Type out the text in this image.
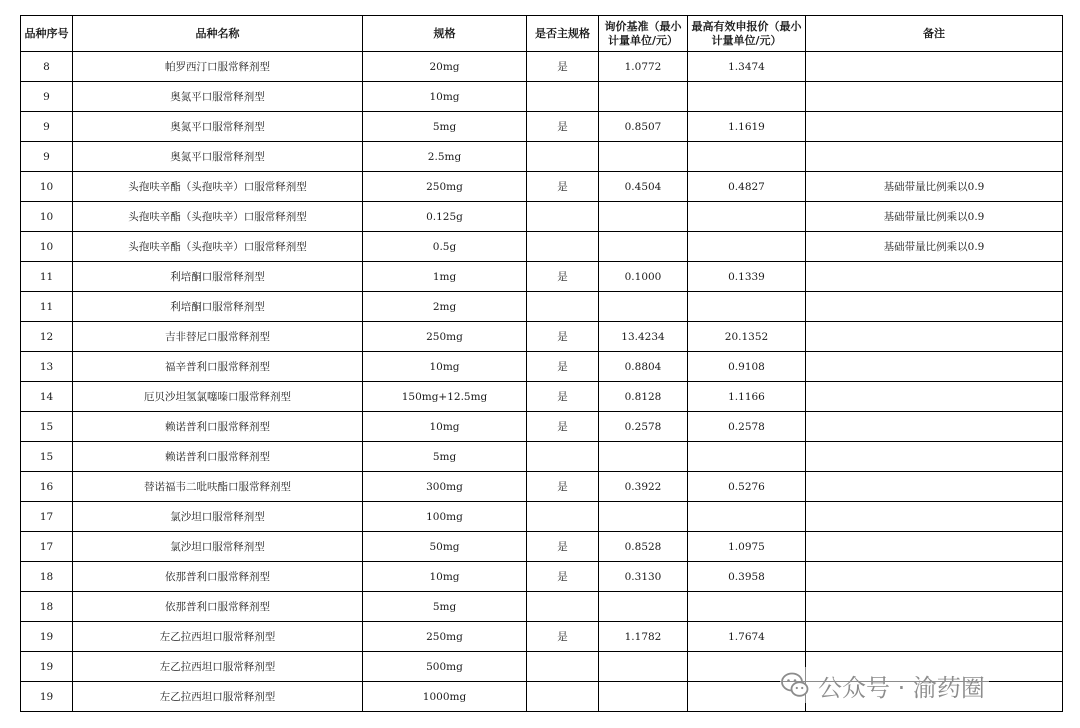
品种序号	品种名称	规格	是否主规格	询价基准（最小计量单位/元）	最高有效申报价（最小计量单位/元）	备注
8	帕罗西汀口服常释剂型	20mg	是	1.0772	1.3474	
9	奥氮平口服常释剂型	10mg				
9	奥氮平口服常释剂型	5mg	是	0.8507	1.1619	
9	奥氮平口服常释剂型	2.5mg				
10	头孢呋辛酯（头孢呋辛）口服常释剂型	250mg	是	0.4504	0.4827	基础带量比例乘以0.9
10	头孢呋辛酯（头孢呋辛）口服常释剂型	0.125g				基础带量比例乘以0.9
10	头孢呋辛酯（头孢呋辛）口服常释剂型	0.5g				基础带量比例乘以0.9
11	利培酮口服常释剂型	1mg	是	0.1000	0.1339	
11	利培酮口服常释剂型	2mg				
12	吉非替尼口服常释剂型	250mg	是	13.4234	20.1352	
13	福辛普利口服常释剂型	10mg	是	0.8804	0.9108	
14	厄贝沙坦氢氯噻嗪口服常释剂型	150mg+12.5mg	是	0.8128	1.1166	
15	赖诺普利口服常释剂型	10mg	是	0.2578	0.2578	
15	赖诺普利口服常释剂型	5mg				
16	替诺福韦二吡呋酯口服常释剂型	300mg	是	0.3922	0.5276	
17	氯沙坦口服常释剂型	100mg				
17	氯沙坦口服常释剂型	50mg	是	0.8528	1.0975	
18	依那普利口服常释剂型	10mg	是	0.3130	0.3958	
18	依那普利口服常释剂型	5mg				
19	左乙拉西坦口服常释剂型	250mg	是	1.1782	1.7674	
19	左乙拉西坦口服常释剂型	500mg				
19	左乙拉西坦口服常释剂型	1000mg					公众号 · 渝药圈
